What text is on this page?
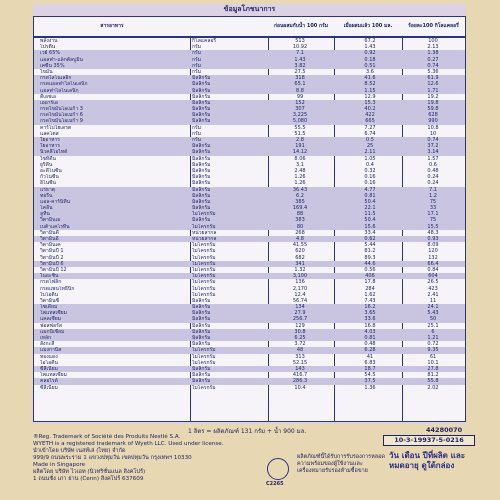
ข้อมูลโภชนาการ
สารอาหาร	ก่อนผสมกับน้ำ 100 กรัม	เมื่อผสมแล้ว 100 มล.	ร้อยละ100 กิโลแคลอรี่
พลังงาน	กิโลแคลอรี่	513	67.2	100
โปรตีน	กรัม	10.92	1.43	2.13
เวย์ 65%	กรัม	7.1	0.92	1.38
แอลฟา-แล็กตัลบูมิน	กรัม	1.43	0.18	0.27
เคซีน 35%	กรัม	3.82	0.51	0.74
ไขมัน	กรัม	27.5	3.6	5.36
กรดไลโนเลอิก	มิลลิกรัม	318	41.6	61.9
กรดแอลฟาไลโนเลนิก	มิลลิกรัม	65.1	8.52	12.6
แอลฟาไลโนเลนิก	มิลลิกรัม	8.8	1.15	1.71
ดีเอชเอ	มิลลิกรัม	99	12.9	19.2
เออาร์เอ	มิลลิกรัม	152	15.3	19.8
กรดไขมันโอเมก้า 3	มิลลิกรัม	307	40.2	59.8
กรดไขมันโอเมก้า 6	มิลลิกรัม	3,225	422	628
กรดไขมันโอเมก้า 9	มิลลิกรัม	5,080	665	990
คาร์โบไฮเดรต	กรัม	55.5	7.27	10.8
แลคโตส	กรัม	51.5	6.74	10
ใยอาหาร	กรัม	2.8	0.5	0.74
ใยอาหาร	มิลลิกรัม	191	25	37.2
นิวคลีโอไทด์	มิลลิกรัม	14.12	2.11	3.14
ไซทิดีน	มิลลิกรัม	8.06	1.05	1.57
ยูริดีน	มิลลิกรัม	3.1	0.4	0.6
อะดีโนซีน	มิลลิกรัม	2.48	0.32	0.48
กัวโนซีน	มิลลิกรัม	1.26	0.16	0.24
อิโนซีน	มิลลิกรัม	1.26	0.16	0.24
แร่ธาตุ	มิลลิกรัม	36.43	4.77	7.1
ทอรีน	มิลลิกรัม	6.2	0.81	1.2
แอล-คาร์นิทีน	มิลลิกรัม	385	50.4	75
โคลีน	มิลลิกรัม	169.4	22.1	33
ลูทีน	ไมโครกรัม	88	11.5	17.1
วิตามินเอ	มิลลิกรัม	383	50.4	75
เบต้าแคโรทีน	ไมโครกรัม	80	15.6	15.5
วิตามินดี	หน่วยสากล	268	33.4	48.3
วิตามินอี	หน่วยสากล	4.8	0.62	0.93
วิตามินเค	ไมโครกรัม	41.55	5.44	8.09
วิตามินบี 1	ไมโครกรัม	620	81.2	120
วิตามินบี 2	ไมโครกรัม	682	89.3	132
วิตามินบี 6	ไมโครกรัม	341	44.6	66.4
วิตามินบี 12	ไมโครกรัม	1.32	0.56	0.84
ไนอะซิน	ไมโครกรัม	3,100	406	604
กรดโฟลิก	ไมโครกรัม	136	17.8	26.5
กรดแพนโทธีนิก	ไมโครกรัม	2,170	284	423
ไบโอติน	ไมโครกรัม	12.4	1.62	2.41
วิตามินซี	มิลลิกรัม	56.74	7.43	11
โซเดียม	มิลลิกรัม	134	16.2	24.1
โพแทสเซียม	มิลลิกรัม	27.9	3.65	5.43
แคลเซียม	มิลลิกรัม	256.7	33.6	50
ฟอสฟอรัส	มิลลิกรัม	129	16.8	25.1
แมกนีเซียม	มิลลิกรัม	30.8	4.03	6
เหล็ก	มิลลิกรัม	6.25	0.81	1.21
สังกะสี	มิลลิกรัม	3.72	0.48	0.72
แมงกานีส	ไมโครกรัม	48	6.28	9.35
ทองแดง	ไมโครกรัม	313	41	61
ไอโอดีน	ไมโครกรัม	52.15	6.83	10.1
ซีลีเนียม	มิลลิกรัม	143	18.7	27.8
โพแทสเซียม	มิลลิกรัม	416.7	54.5	81.2
คลอไรด์	มิลลิกรัม	286.3	37.5	55.8
ซีลีเนียม	ไมโครกรัม	10.4	1.36	2.02
1 ลิตร = ผลิตภัณฑ์ 131 กรัม + น้ำ 900 มล.
®Reg. Trademark of Société des Produits Nestlé S.A.
WYETH is a registered trademark of Wyeth LLC. Used under license.
นำเข้าโดย บริษัท เนสท์เล่ (ไทย) จำกัด
999/9 ถนนพระราม 1 แขวงปทุมวัน เขตปทุมวัน กรุงเทพฯ 10330
Made in Singapore
ผลิตโดย บริษัท ไวเอท (นิวทริชั่นแนล สิงคโปร์)
1 ถนนชั่ง เภา ย่าน (Cenn) สิงคโปร์ 637609
C2265
ผลิตภัณฑ์นี้ได้รับการรับรองการหลอดความพร้อมของผู้ใช้งานและเครื่องหมายรับรองห้ามซื้อขาย
44280070
10-3-19937-5-0216
วัน เดือน ปีที่ผลิต และหมดอายุ ดูใต้กล่อง
